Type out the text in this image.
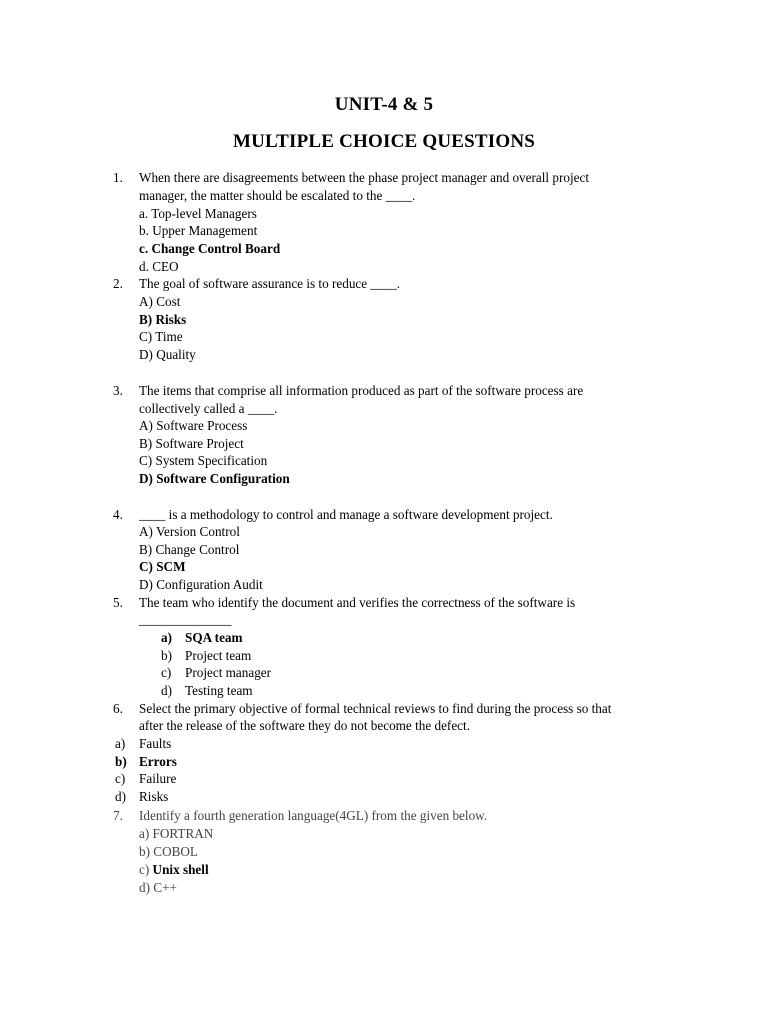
UNIT-4 & 5
MULTIPLE CHOICE QUESTIONS
1. When there are disagreements between the phase project manager and overall project
manager, the matter should be escalated to the ____.
a. Top-level Managers
b. Upper Management
c. Change Control Board
d. CEO
2. The goal of software assurance is to reduce ____.
A) Cost
B) Risks
C) Time
D) Quality
3. The items that comprise all information produced as part of the software process are
collectively called a ____.
A) Software Process
B) Software Project
C) System Specification
D) Software Configuration
4. ____ is a methodology to control and manage a software development project.
A) Version Control
B) Change Control
C) SCM
D) Configuration Audit
5. The team who identify the document and verifies the correctness of the software is
______________
a) SQA team
b) Project team
c) Project manager
d) Testing team
6. Select the primary objective of formal technical reviews to find during the process so that
after the release of the software they do not become the defect.
a) Faults
b) Errors
c) Failure
d) Risks
7. Identify a fourth generation language(4GL) from the given below.
a) FORTRAN
b) COBOL
c) Unix shell
d) C++
